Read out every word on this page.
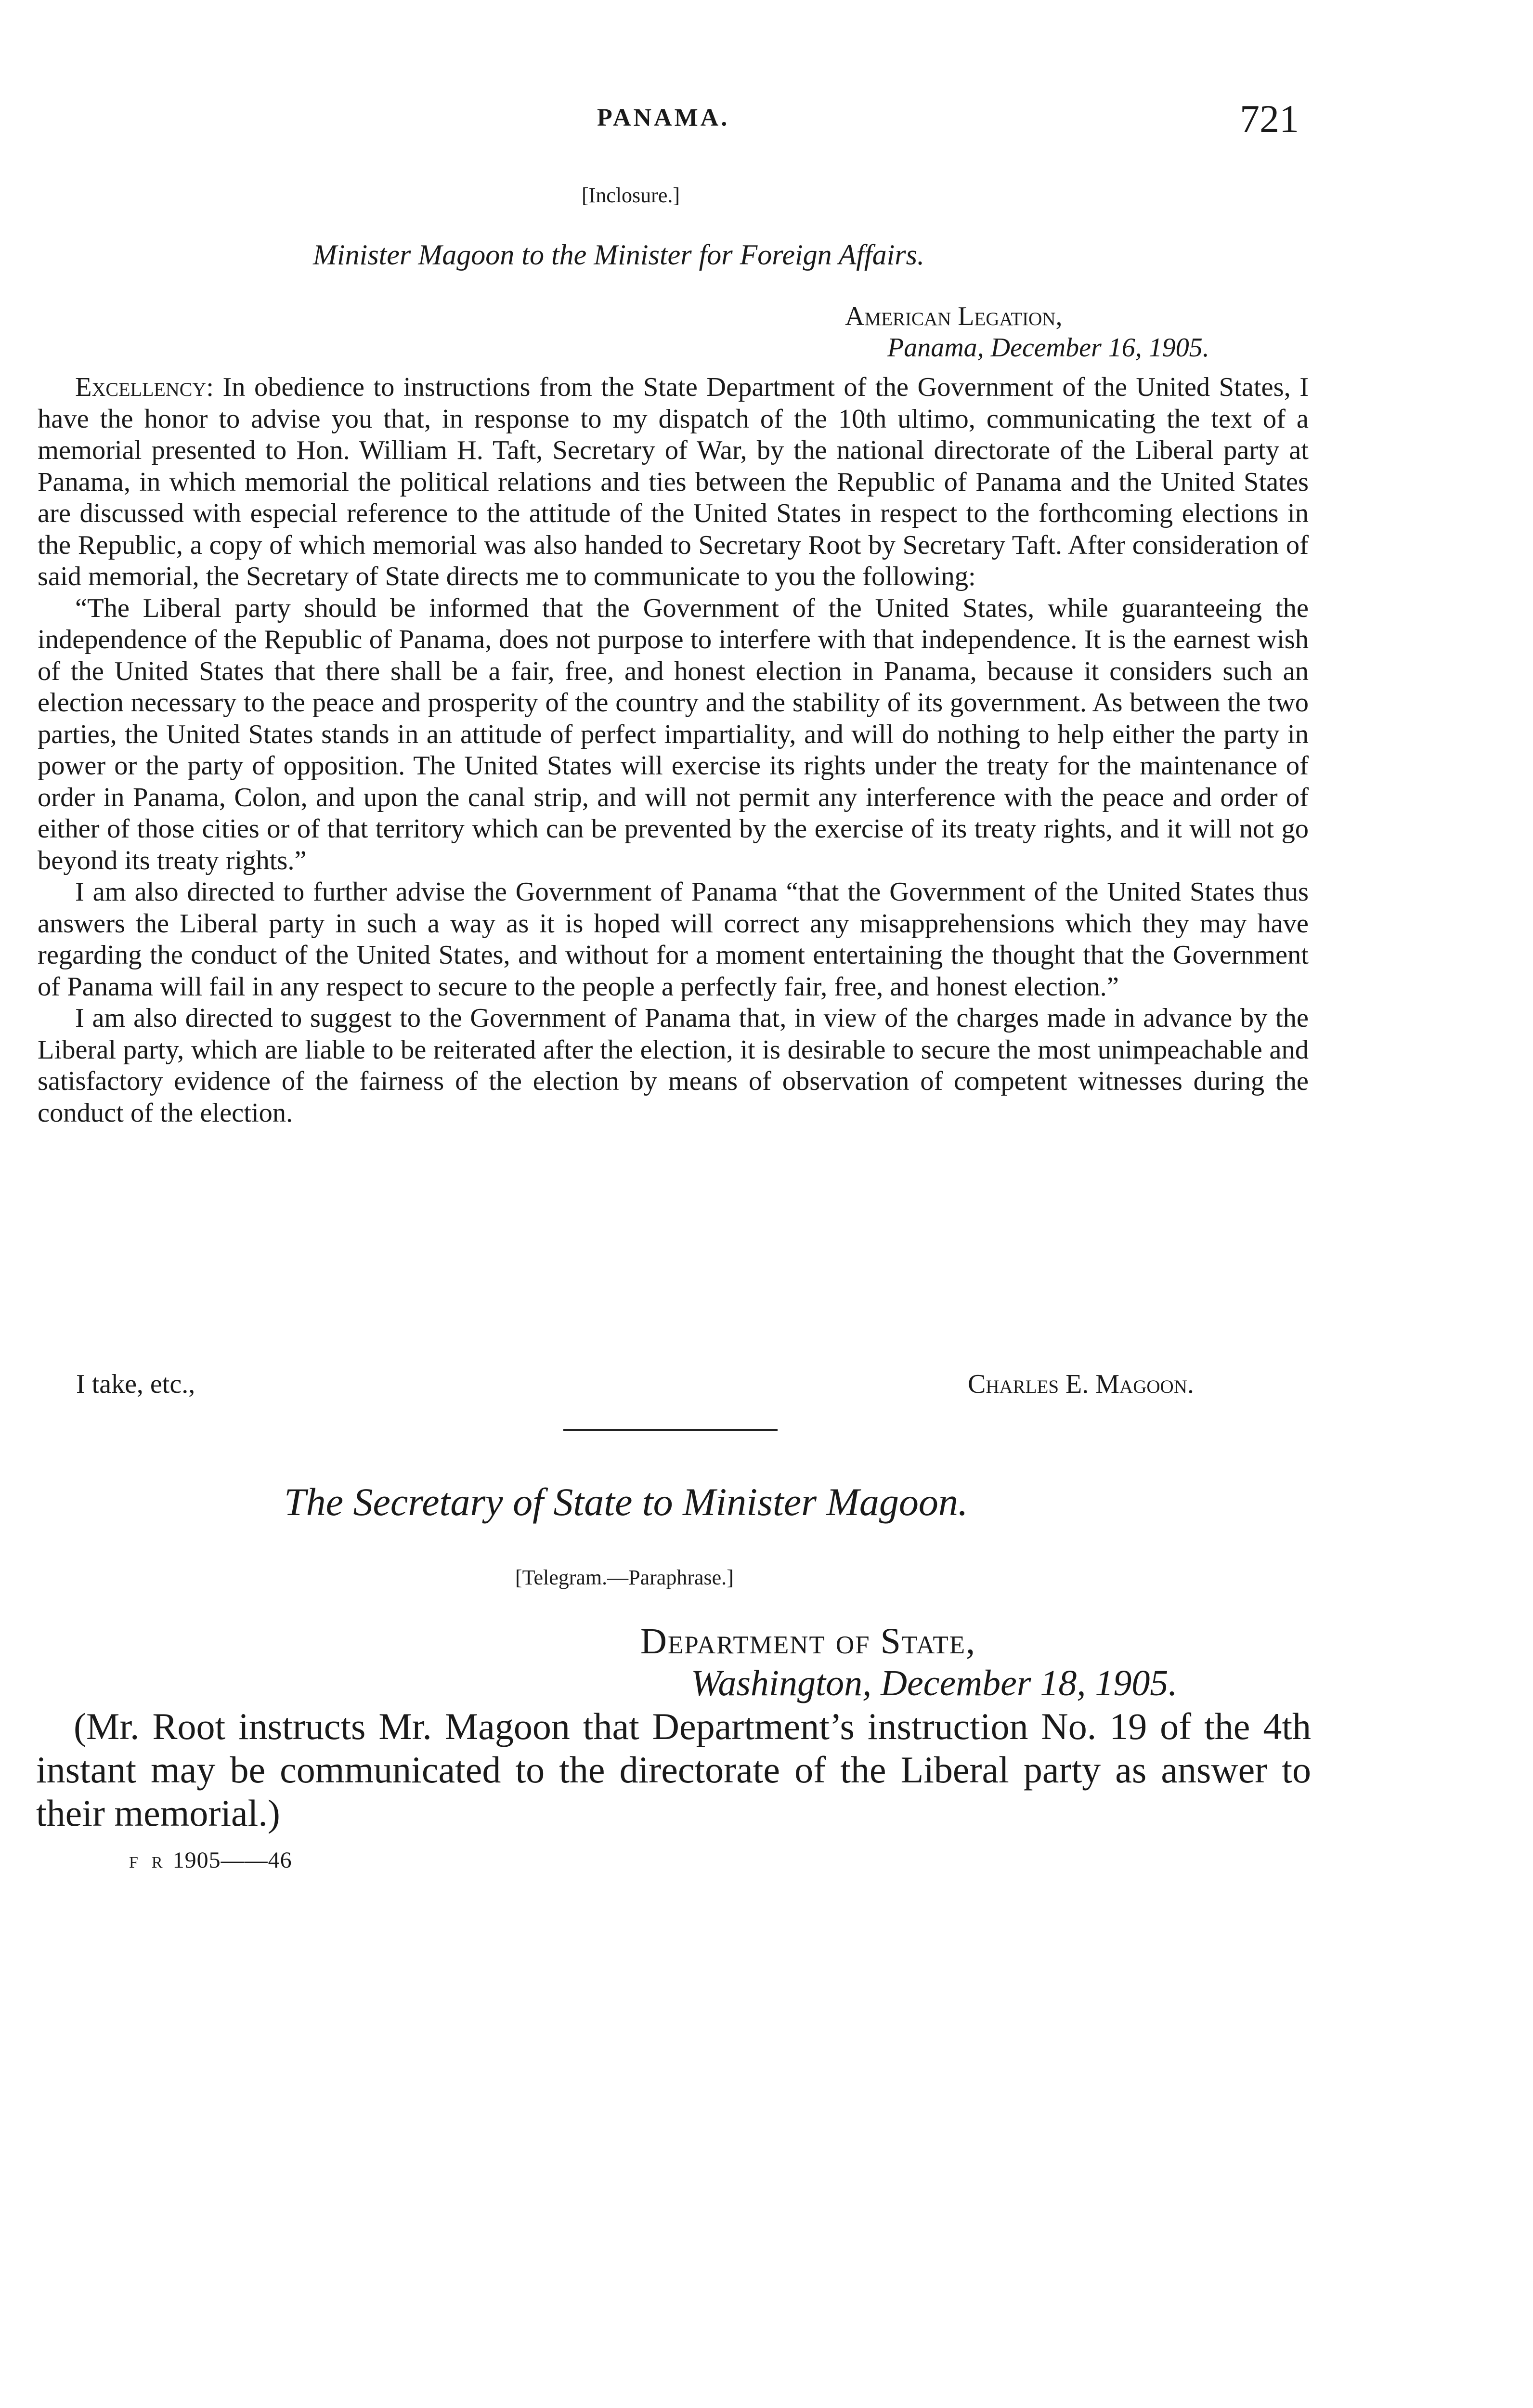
PANAMA.	721
[Inclosure.]
Minister Magoon to the Minister for Foreign Affairs.
American Legation,
Panama, December 16, 1905.

Excellency: In obedience to instructions from the State Department of the Government of the United States, I have the honor to advise you that, in response to my dispatch of the 10th ultimo, communicating the text of a memorial presented to Hon. William H. Taft, Secretary of War, by the national directorate of the Liberal party at Panama, in which memorial the political relations and ties between the Republic of Panama and the United States are discussed with especial reference to the attitude of the United States in respect to the forthcoming elections in the Republic, a copy of which memorial was also handed to Secretary Root by Secretary Taft. After consideration of said memorial, the Secretary of State directs me to communicate to you the following:

“The Liberal party should be informed that the Government of the United States, while guaranteeing the independence of the Republic of Panama, does not purpose to interfere with that independence. It is the earnest wish of the United States that there shall be a fair, free, and honest election in Panama, because it considers such an election necessary to the peace and prosperity of the country and the stability of its government. As between the two parties, the United States stands in an attitude of perfect impartiality, and will do nothing to help either the party in power or the party of opposition. The United States will exercise its rights under the treaty for the maintenance of order in Panama, Colon, and upon the canal strip, and will not permit any interference with the peace and order of either of those cities or of that territory which can be prevented by the exercise of its treaty rights, and it will not go beyond its treaty rights.”

I am also directed to further advise the Government of Panama “that the Government of the United States thus answers the Liberal party in such a way as it is hoped will correct any misapprehensions which they may have regarding the conduct of the United States, and without for a moment entertaining the thought that the Government of Panama will fail in any respect to secure to the people a perfectly fair, free, and honest election.”

I am also directed to suggest to the Government of Panama that, in view of the charges made in advance by the Liberal party, which are liable to be reiterated after the election, it is desirable to secure the most unimpeachable and satisfactory evidence of the fairness of the election by means of observation of competent witnesses during the conduct of the election.

I take, etc.,	Charles E. Magoon.
The Secretary of State to Minister Magoon.
[Telegram.—Paraphrase.]
Department of State,
Washington, December 18, 1905.

(Mr. Root instructs Mr. Magoon that Department’s instruction No. 19 of the 4th instant may be communicated to the directorate of the Liberal party as answer to their memorial.)

f r 1905——46
